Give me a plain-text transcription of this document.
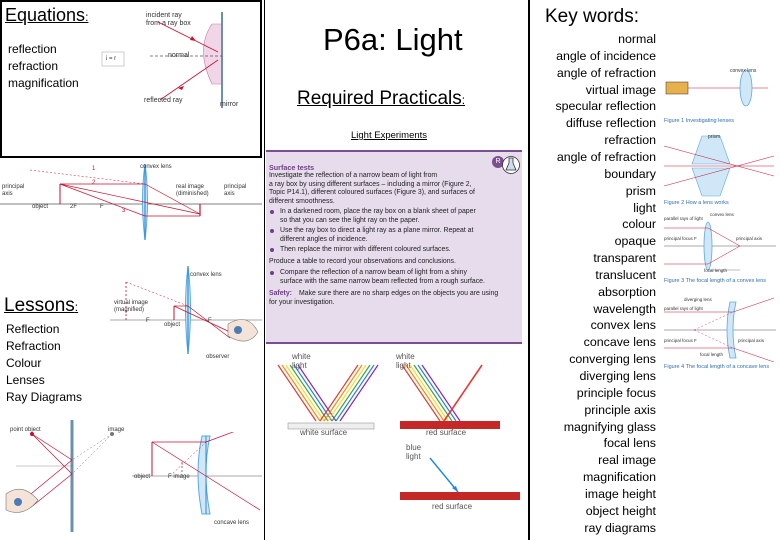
Equations:
reflection
refraction
magnification
incident ray
from a ray box
normal
reflected ray
mirror
i = r
convex lens
principal
axis
real image
(diminished)
principal
axis
object	2F	F
1
2
3
convex lens
virtual image
(magnified)
object
F	F
observer
Lessons:
Reflection
Refraction
Colour
Lenses
Ray Diagrams
point object	image
object	F image
concave lens
P6a: Light
Required Practicals:
Light Experiments
Surface tests
R
Investigate the reflection of a narrow beam of light from
a ray box by using different surfaces – including a mirror (Figure 2,
Topic P14.1), different coloured surfaces (Figure 3), and surfaces of
different smoothness.
In a darkened room, place the ray box on a blank sheet of paper
so that you can see the light ray on the paper.
Use the ray box to direct a light ray as a plane mirror. Repeat at
different angles of incidence.
Then replace the mirror with different coloured surfaces.
Produce a table to record your observations and conclusions.
Compare the reflection of a narrow beam of light from a shiny
surface with the same narrow beam reflected from a rough surface.
Safety: Make sure there are no sharp edges on the objects you are using
for your investigation.
white
light
white surface
white
light
red surface
blue
light
red surface
Key words:
normal
angle of incidence
angle of refraction
virtual image
specular reflection
diffuse reflection
refraction
angle of refraction
boundary
prism
light
colour
opaque
transparent
translucent
absorption
wavelength
convex lens
concave lens
converging lens
diverging lens
principle focus
principle axis
magnifying glass
focal lens
real image
magnification
image height
object height
ray diagrams
convex lens
Figure 1 Investigating lenses
prism
Figure 2 How a lens works
parallel rays of light
convex lens
principal focus F	principal axis
focal length
Figure 3 The focal length of a convex lens
diverging lens
parallel rays of light
principal focus F	principal axis
focal length
Figure 4 The focal length of a concave lens
